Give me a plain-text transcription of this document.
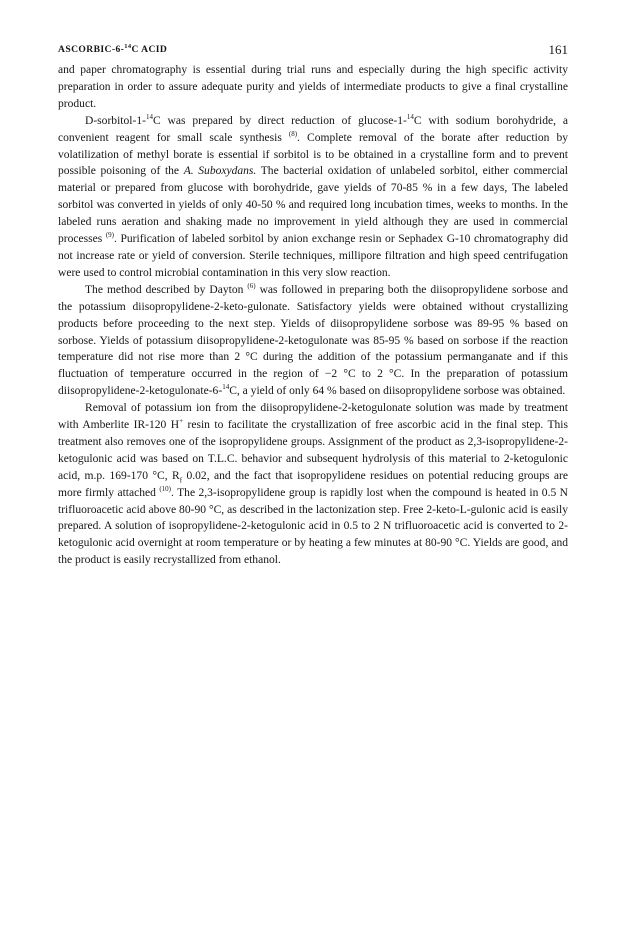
ASCORBIC-6-$^{14}$C ACID	161

and paper chromatography is essential during trial runs and especially during the high specific activity preparation in order to assure adequate purity and yields of intermediate products to give a final crystalline product.

D-sorbitol-1-$^{14}$C was prepared by direct reduction of glucose-1-$^{14}$C with sodium borohydride, a convenient reagent for small scale synthesis $^{(8)}$. Complete removal of the borate after reduction by volatilization of methyl borate is essential if sorbitol is to be obtained in a crystalline form and to prevent possible poisoning of the A. Suboxydans. The bacterial oxidation of unlabeled sorbitol, either commercial material or prepared from glucose with borohydride, gave yields of 70-85 % in a few days, The labeled sorbitol was converted in yields of only 40-50 % and required long incubation times, weeks to months. In the labeled runs aeration and shaking made no improvement in yield although they are used in commercial processes $^{(9)}$. Purification of labeled sorbitol by anion exchange resin or Sephadex G-10 chromatography did not increase rate or yield of conversion. Sterile techniques, millipore filtration and high speed centrifugation were used to control microbial contamination in this very slow reaction.

The method described by Dayton $^{(6)}$ was followed in preparing both the diisopropylidene sorbose and the potassium diisopropylidene-2-keto-gulonate. Satisfactory yields were obtained without crystallizing products before proceeding to the next step. Yields of diisopropylidene sorbose was 89-95 % based on sorbose. Yields of potassium diisopropylidene-2-ketogulonate was 85-95 % based on sorbose if the reaction temperature did not rise more than 2 °C during the addition of the potassium permanganate and if this fluctuation of temperature occurred in the region of −2 °C to 2 °C. In the preparation of potassium diisopropylidene-2-ketogulonate-6-$^{14}$C, a yield of only 64 % based on diisopropylidene sorbose was obtained.

Removal of potassium ion from the diisopropylidene-2-ketogulonate solution was made by treatment with Amberlite IR-120 H+ resin to facilitate the crystallization of free ascorbic acid in the final step. This treatment also removes one of the isopropylidene groups. Assignment of the product as 2,3-isopropylidene-2-ketogulonic acid was based on T.L.C. behavior and subsequent hydrolysis of this material to 2-ketogulonic acid, m.p. 169-170 °C, $R_f$ 0.02, and the fact that isopropylidene residues on potential reducing groups are more firmly attached $^{(10)}$. The 2,3-isopropylidene group is rapidly lost when the compound is heated in 0.5 N trifluoroacetic acid above 80-90 °C, as described in the lactonization step. Free 2-keto-L-gulonic acid is easily prepared. A solution of isopropylidene-2-ketogulonic acid in 0.5 to 2 N trifluoroacetic acid is converted to 2-ketogulonic acid overnight at room temperature or by heating a few minutes at 80-90 °C. Yields are good, and the product is easily recrystallized from ethanol.
